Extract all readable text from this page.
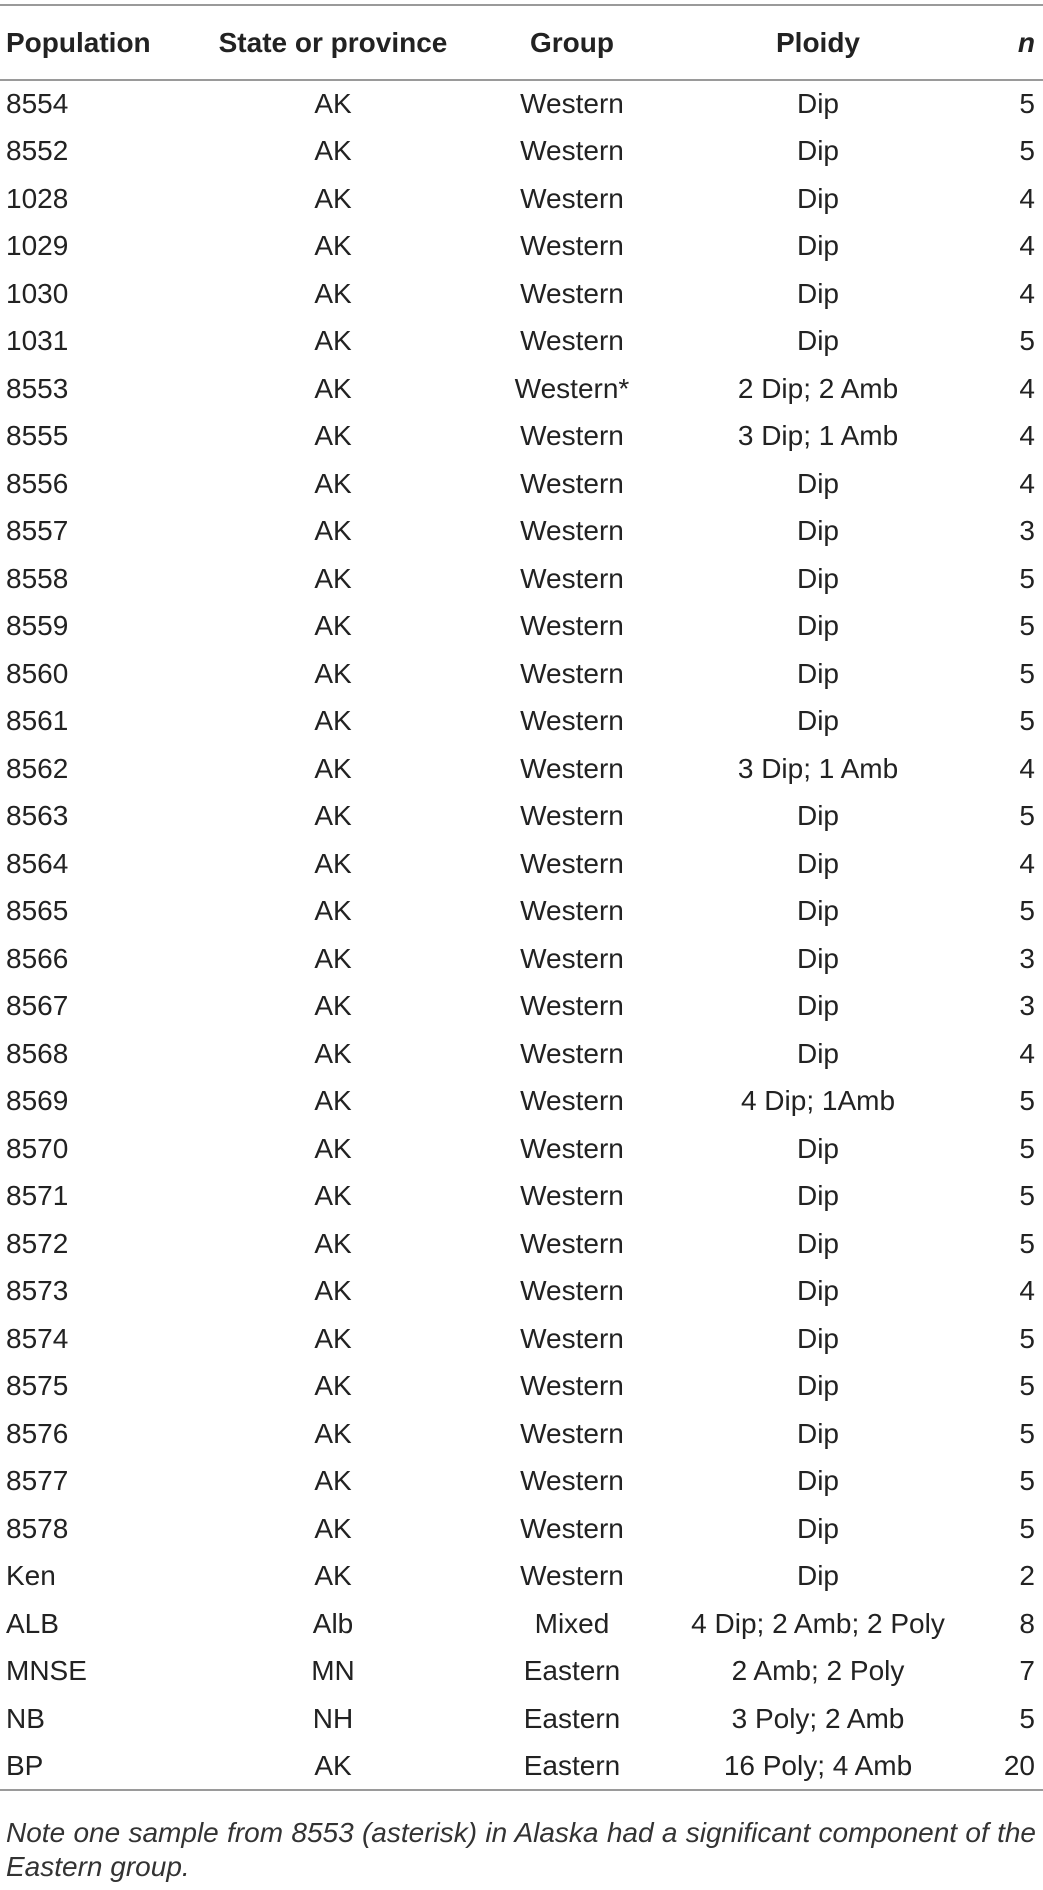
Population	State or province	Group	Ploidy	n
8554	AK	Western	Dip	5
8552	AK	Western	Dip	5
1028	AK	Western	Dip	4
1029	AK	Western	Dip	4
1030	AK	Western	Dip	4
1031	AK	Western	Dip	5
8553	AK	Western*	2 Dip; 2 Amb	4
8555	AK	Western	3 Dip; 1 Amb	4
8556	AK	Western	Dip	4
8557	AK	Western	Dip	3
8558	AK	Western	Dip	5
8559	AK	Western	Dip	5
8560	AK	Western	Dip	5
8561	AK	Western	Dip	5
8562	AK	Western	3 Dip; 1 Amb	4
8563	AK	Western	Dip	5
8564	AK	Western	Dip	4
8565	AK	Western	Dip	5
8566	AK	Western	Dip	3
8567	AK	Western	Dip	3
8568	AK	Western	Dip	4
8569	AK	Western	4 Dip; 1Amb	5
8570	AK	Western	Dip	5
8571	AK	Western	Dip	5
8572	AK	Western	Dip	5
8573	AK	Western	Dip	4
8574	AK	Western	Dip	5
8575	AK	Western	Dip	5
8576	AK	Western	Dip	5
8577	AK	Western	Dip	5
8578	AK	Western	Dip	5
Ken	AK	Western	Dip	2
ALB	Alb	Mixed	4 Dip; 2 Amb; 2 Poly	8
MNSE	MN	Eastern	2 Amb; 2 Poly	7
NB	NH	Eastern	3 Poly; 2 Amb	5
BP	AK	Eastern	16 Poly; 4 Amb	20
Note one sample from 8553 (asterisk) in Alaska had a significant component of the Eastern group.
